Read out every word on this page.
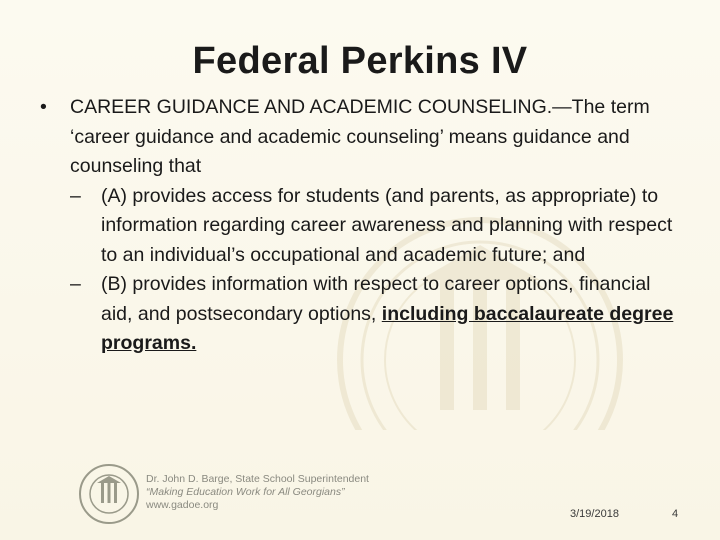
Federal Perkins IV
• CAREER GUIDANCE AND ACADEMIC COUNSELING.—The term ‘career guidance and academic counseling’ means guidance and counseling that
– (A) provides access for students (and parents, as appropriate) to information regarding career awareness and planning with respect to an individual’s occupational and academic future; and
– (B) provides information with respect to career options, financial aid, and postsecondary options, including baccalaureate degree programs.
Dr. John D. Barge, State School Superintendent
“Making Education Work for All Georgians”
www.gadoe.org
3/19/2018	4
